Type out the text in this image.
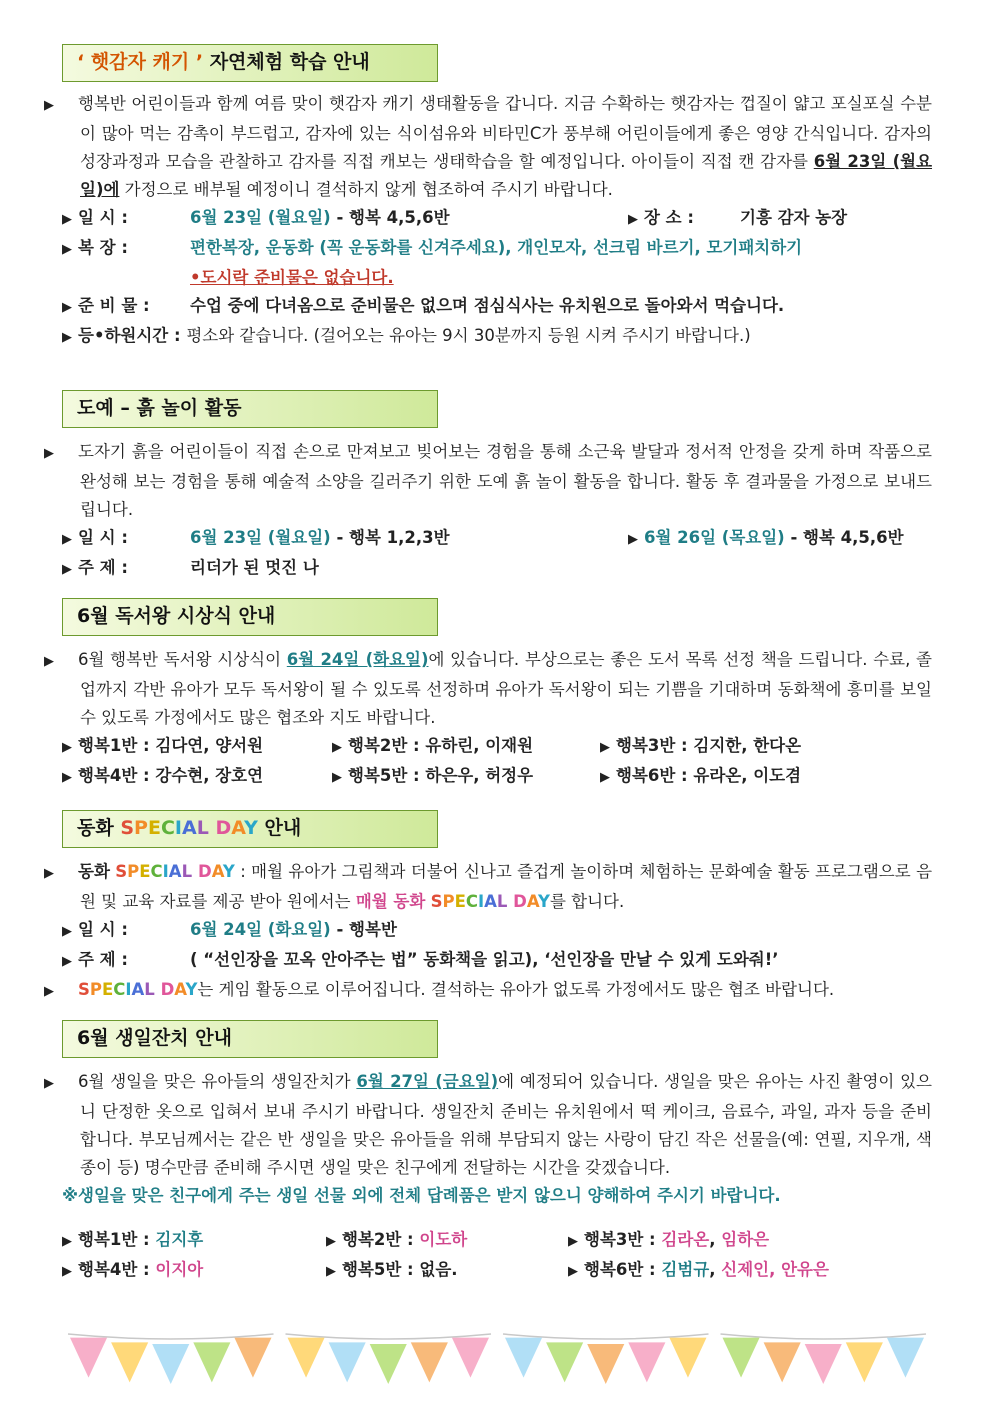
‘ 햇감자 캐기 ’ 자연체험 학습 안내

▶ 행복반 어린이들과 함께 여름 맞이 햇감자 캐기 생태활동을 갑니다. 지금 수확하는 햇감자는 껍질이 얇고 포실포실 수분이 많아 먹는 감촉이 부드럽고, 감자에 있는 식이섬유와 비타민C가 풍부해 어린이들에게 좋은 영양 간식입니다. 감자의 성장과정과 모습을 관찰하고 감자를 직접 캐보는 생태학습을 할 예정입니다. 아이들이 직접 캔 감자를 6월 23일 (월요일)에 가정으로 배부될 예정이니 결석하지 않게 협조하여 주시기 바랍니다.

▶ 일 시 :	6월 23일 (월요일) - 행복 4,5,6반	▶ 장 소 :	기흥 감자 농장
▶ 복 장 :	편한복장, 운동화 (꼭 운동화를 신겨주세요), 개인모자, 선크림 바르기, 모기패치하기
•도시락 준비물은 없습니다.
▶ 준 비 물 : 수업 중에 다녀옴으로 준비물은 없으며 점심식사는 유치원으로 돌아와서 먹습니다.
▶ 등•하원시간 : 평소와 같습니다. (걸어오는 유아는 9시 30분까지 등원 시켜 주시기 바랍니다.)
도예 – 흙 놀이 활동

▶ 도자기 흙을 어린이들이 직접 손으로 만져보고 빚어보는 경험을 통해 소근육 발달과 정서적 안정을 갖게 하며 작품으로 완성해 보는 경험을 통해 예술적 소양을 길러주기 위한 도예 흙 놀이 활동을 합니다. 활동 후 결과물을 가정으로 보내드립니다.

▶ 일 시 :	6월 23일 (월요일) - 행복 1,2,3반	▶ 6월 26일 (목요일) - 행복 4,5,6반
▶ 주 제 :	리더가 된 멋진 나
6월 독서왕 시상식 안내

▶ 6월 행복반 독서왕 시상식이 6월 24일 (화요일)에 있습니다. 부상으로는 좋은 도서 목록 선정 책을 드립니다. 수료, 졸업까지 각반 유아가 모두 독서왕이 될 수 있도록 선정하며 유아가 독서왕이 되는 기쁨을 기대하며 동화책에 흥미를 보일 수 있도록 가정에서도 많은 협조와 지도 바랍니다.

▶ 행복1반 : 김다연, 양서원	▶ 행복2반 : 유하린, 이재원	▶ 행복3반 : 김지한, 한다온
▶ 행복4반 : 강수현, 장호연	▶ 행복5반 : 하은우, 허정우	▶ 행복6반 : 유라온, 이도겸
동화 SPECIAL DAY 안내

▶ 동화 SPECIAL DAY : 매월 유아가 그림책과 더불어 신나고 즐겁게 놀이하며 체험하는 문화예술 활동 프로그램으로 음원 및 교육 자료를 제공 받아 원에서는 매월 동화 SPECIAL DAY를 합니다.

▶ 일 시 :	6월 24일 (화요일) - 행복반
▶ 주 제 :	( “선인장을 꼬옥 안아주는 법” 동화책을 읽고), ‘선인장을 만날 수 있게 도와줘!’

▶ SPECIAL DAY는 게임 활동으로 이루어집니다. 결석하는 유아가 없도록 가정에서도 많은 협조 바랍니다.

6월 생일잔치 안내

▶ 6월 생일을 맞은 유아들의 생일잔치가 6월 27일 (금요일)에 예정되어 있습니다. 생일을 맞은 유아는 사진 촬영이 있으니 단정한 옷으로 입혀서 보내 주시기 바랍니다. 생일잔치 준비는 유치원에서 떡 케이크, 음료수, 과일, 과자 등을 준비합니다. 부모님께서는 같은 반 생일을 맞은 유아들을 위해 부담되지 않는 사랑이 담긴 작은 선물을(예: 연필, 지우개, 색종이 등) 명수만큼 준비해 주시면 생일 맞은 친구에게 전달하는 시간을 갖겠습니다.

※생일을 맞은 친구에게 주는 생일 선물 외에 전체 답례품은 받지 않으니 양해하여 주시기 바랍니다.
▶ 행복1반 : 김지후	▶ 행복2반 : 이도하	▶ 행복3반 : 김라온, 임하은
▶ 행복4반 : 이지아	▶ 행복5반 : 없음.	▶ 행복6반 : 김범규, 신제인, 안유은
